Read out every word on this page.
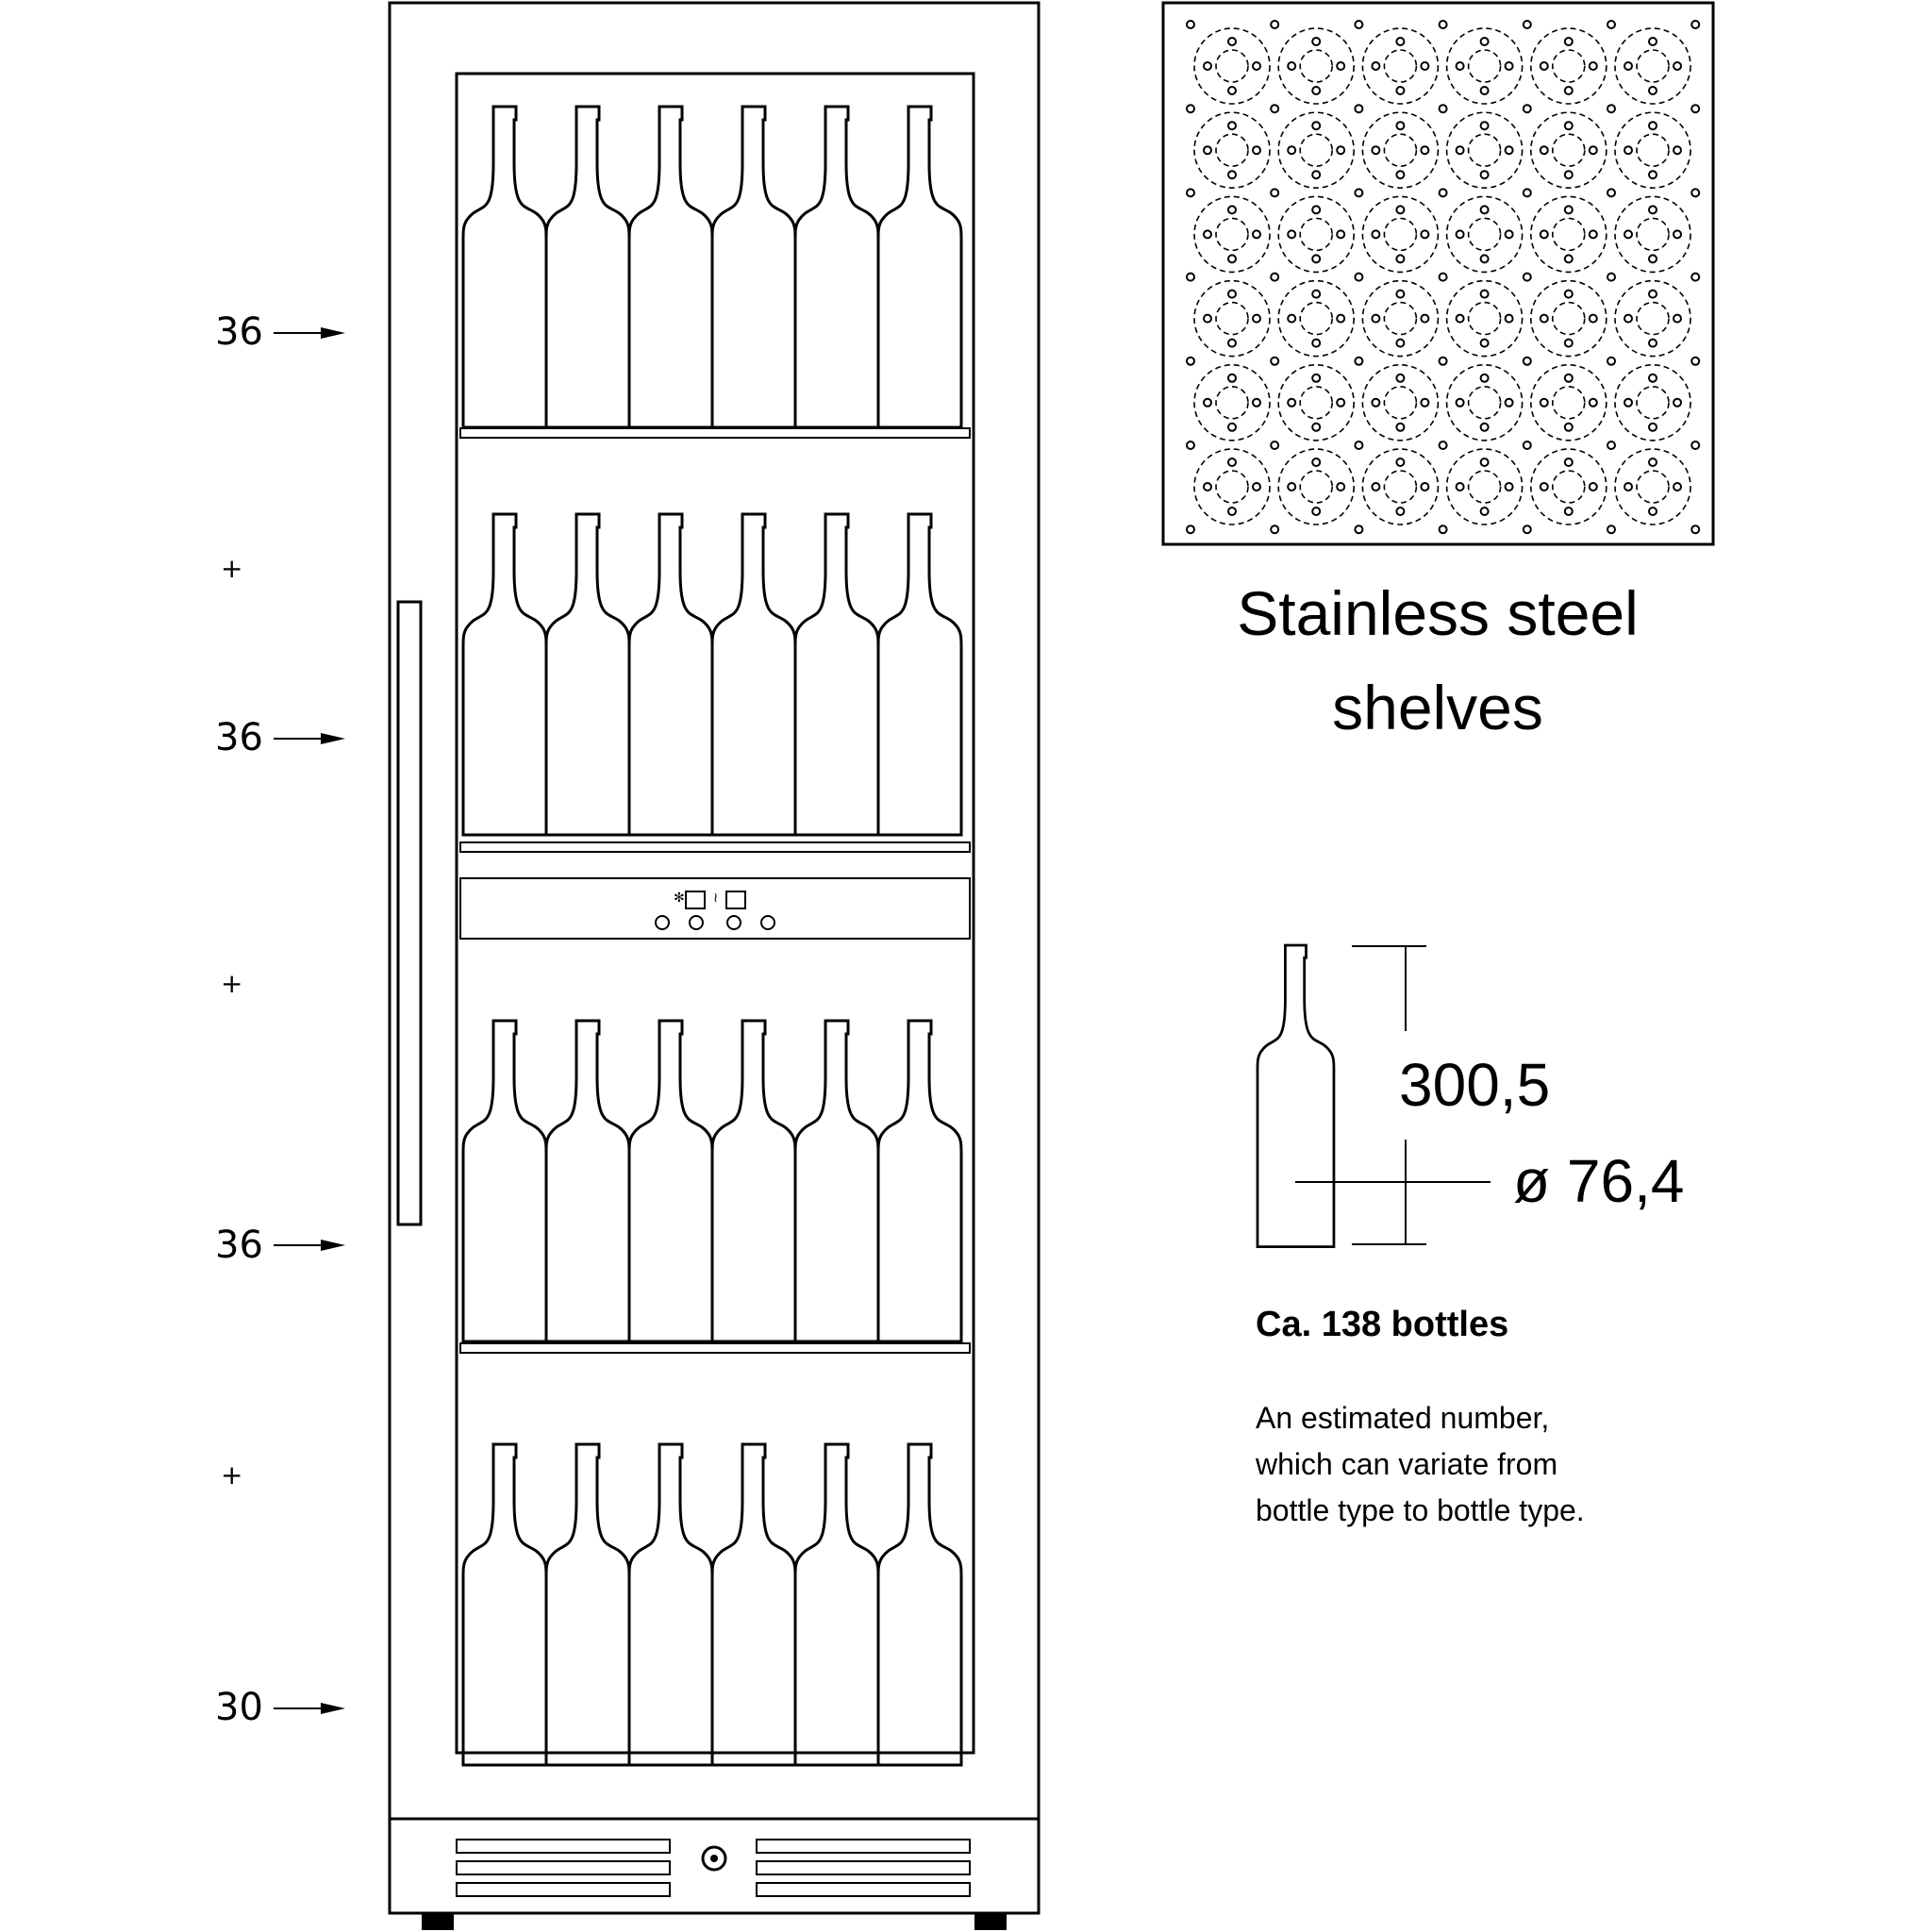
36
+
36
+
36
+
30
✻ ≀
Stainless steel
shelves
300,5
ø 76,4
Ca. 138 bottles
An estimated number,
which can variate from
bottle type to bottle type.
